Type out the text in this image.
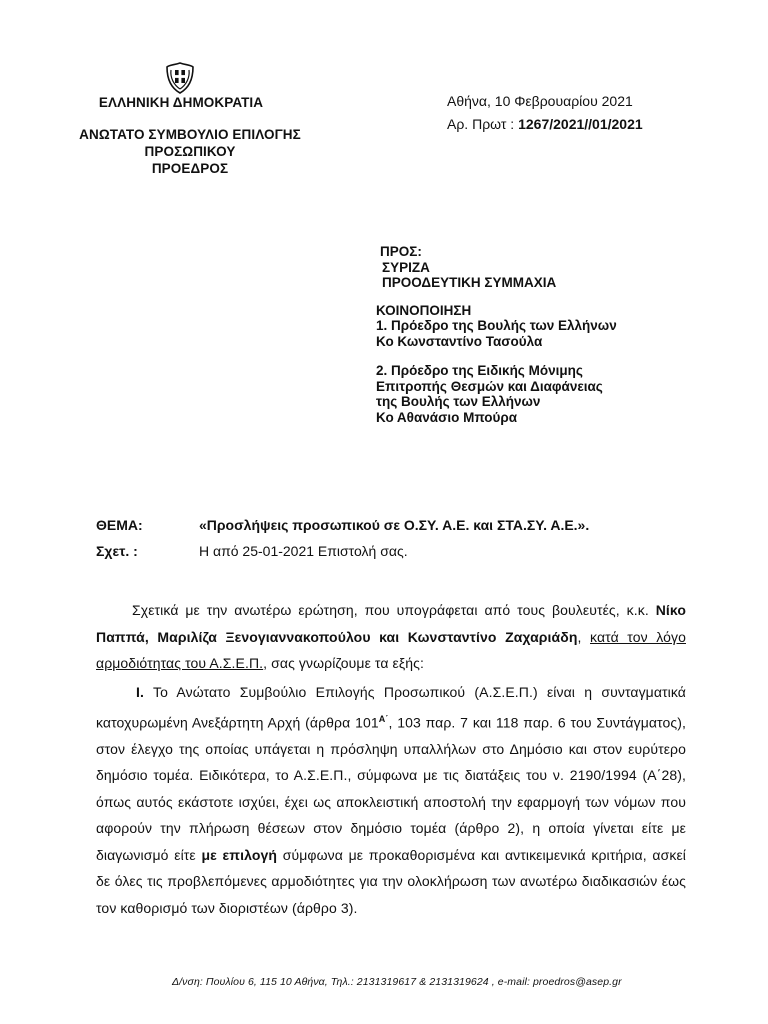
ΕΛΛΗΝΙΚΗ ΔΗΜΟΚΡΑΤΙΑ
ΑΝΩΤΑΤΟ ΣΥΜΒΟΥΛΙΟ ΕΠΙΛΟΓΗΣ
ΠΡΟΣΩΠΙΚΟΥ
ΠΡΟΕΔΡΟΣ
Αθήνα, 10 Φεβρουαρίου 2021
Αρ. Πρωτ : 1267/2021//01/2021
ΠΡΟΣ:
ΣΥΡΙΖΑ
ΠΡΟΟΔΕΥΤΙΚΗ ΣΥΜΜΑΧΙΑ
ΚΟΙΝΟΠΟΙΗΣΗ
1. Πρόεδρο της Βουλής των Ελλήνων
Κο Κωνσταντίνο Τασούλα
2. Πρόεδρο της Ειδικής Μόνιμης
Επιτροπής Θεσμών και Διαφάνειας
της Βουλής των Ελλήνων
Κο Αθανάσιο Μπούρα
ΘΕΜΑ:	«Προσλήψεις προσωπικού σε Ο.ΣΥ. Α.Ε. και ΣΤΑ.ΣΥ. Α.Ε.».
Σχετ. :	Η από 25-01-2021 Επιστολή σας.
Σχετικά με την ανωτέρω ερώτηση, που υπογράφεται από τους βουλευτές, κ.κ. Νίκο Παππά, Μαριλίζα Ξενογιαννακοπούλου και Κωνσταντίνο Ζαχαριάδη, κατά τον λόγο αρμοδιότητας του Α.Σ.Ε.Π., σας γνωρίζουμε τα εξής:
Ι. Το Ανώτατο Συμβούλιο Επιλογής Προσωπικού (Α.Σ.Ε.Π.) είναι η συνταγματικά κατοχυρωμένη Ανεξάρτητη Αρχή (άρθρα $101^{A΄}$, 103 παρ. 7 και 118 παρ. 6 του Συντάγματος), στον έλεγχο της οποίας υπάγεται η πρόσληψη υπαλλήλων στο Δημόσιο και στον ευρύτερο δημόσιο τομέα. Ειδικότερα, το Α.Σ.Ε.Π., σύμφωνα με τις διατάξεις του ν. 2190/1994 (Α΄28), όπως αυτός εκάστοτε ισχύει, έχει ως αποκλειστική αποστολή την εφαρμογή των νόμων που αφορούν την πλήρωση θέσεων στον δημόσιο τομέα (άρθρο 2), η οποία γίνεται είτε με διαγωνισμό είτε με επιλογή σύμφωνα με προκαθορισμένα και αντικειμενικά κριτήρια, ασκεί δε όλες τις προβλεπόμενες αρμοδιότητες για την ολοκλήρωση των ανωτέρω διαδικασιών έως τον καθορισμό των διοριστέων (άρθρο 3).
Δ/νση: Πουλίου 6, 115 10 Αθήνα, Τηλ.: 2131319617 & 2131319624 , e-mail: proedros@asep.gr
